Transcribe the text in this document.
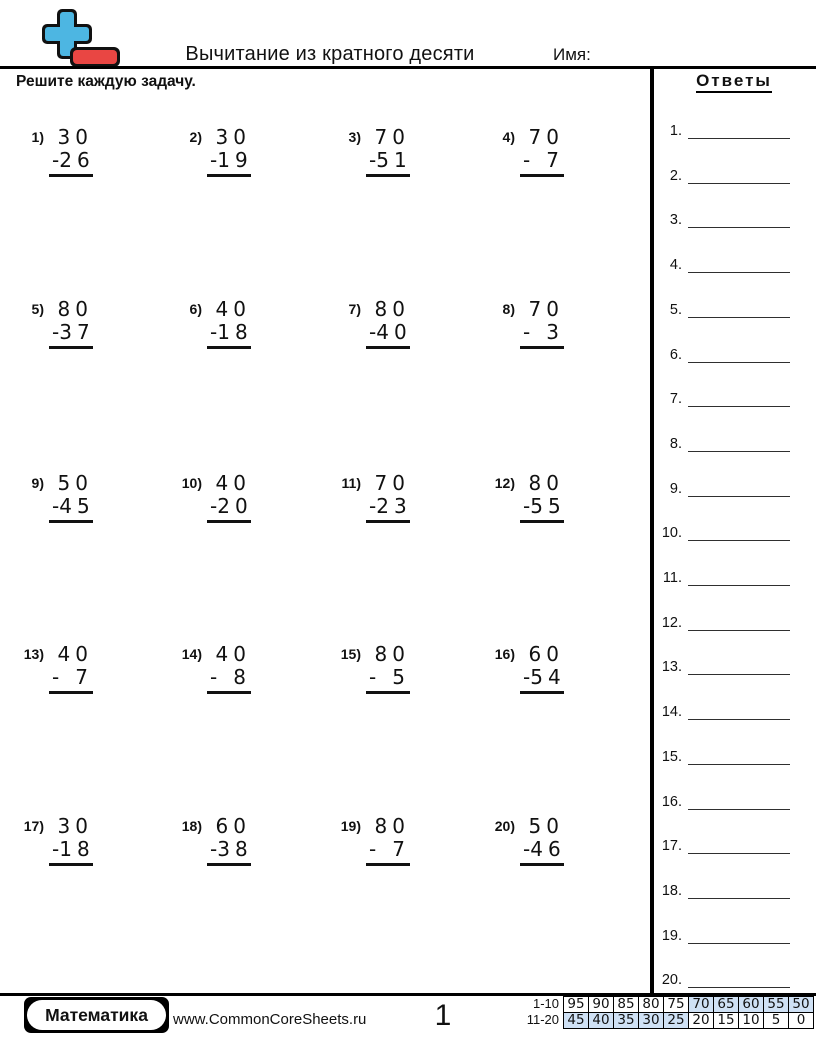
Вычитание из кратного десяти	Имя:
Решите каждую задачу.
1) 30
- 26
2) 30
- 19
3) 70
- 51
4) 70
- 7
5) 80
- 37
6) 40
- 18
7) 80
- 40
8) 70
- 3
9) 50
- 45
10) 40
- 20
11) 70
- 23
12) 80
- 55
13) 40
- 7
14) 40
- 8
15) 80
- 5
16) 60
- 54
17) 30
- 18
18) 60
- 38
19) 80
- 7
20) 50
- 46
Ответы
1.
2.
3.
4.
5.
6.
7.
8.
9.
10.
11.
12.
13.
14.
15.
16.
17.
18.
19.
20.
Математика	www.CommonCoreSheets.ru	1	1-10 95 90 85 80 75 70 65 60 55 50
11-20 45 40 35 30 25 20 15 10 5	0
